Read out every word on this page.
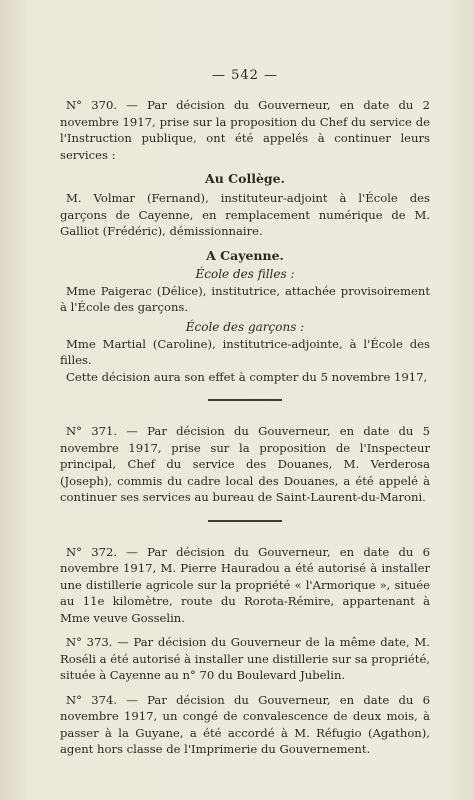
— 542 —

N° 370. — Par décision du Gouverneur, en date du 2 novembre 1917, prise sur la proposition du Chef du service de l'Instruction publique, ont été appelés à continuer leurs services :

Au Collège.

M. Volmar (Fernand), instituteur-adjoint à l'École des garçons de Cayenne, en remplacement numérique de M. Galliot (Frédéric), démissionnaire.

A Cayenne.
École des filles :

Mme Paigerac (Délice), institutrice, attachée provisoirement à l'École des garçons.

École des garçons :

Mme Martial (Caroline), institutrice-adjointe, à l'École des filles.

Cette décision aura son effet à compter du 5 novembre 1917,

N° 371. — Par décision du Gouverneur, en date du 5 novembre 1917, prise sur la proposition de l'Inspecteur principal, Chef du service des Douanes, M. Verderosa (Joseph), commis du cadre local des Douanes, a été appelé à continuer ses services au bureau de Saint-Laurent-du-Maroni.

N° 372. — Par décision du Gouverneur, en date du 6 novembre 1917, M. Pierre Hauradou a été autorisé à installer une distillerie agricole sur la propriété « l'Armorique », située au 11e kilomètre, route du Rorota-Rémire, appartenant à Mme veuve Gosselin.

N° 373. — Par décision du Gouverneur de la même date, M. Roséli a été autorisé à installer une distillerie sur sa propriété, située à Cayenne au n° 70 du Boulevard Jubelin.

N° 374. — Par décision du Gouverneur, en date du 6 novembre 1917, un congé de convalescence de deux mois, à passer à la Guyane, a été accordé à M. Réfugio (Agathon), agent hors classe de l'Imprimerie du Gouvernement.
